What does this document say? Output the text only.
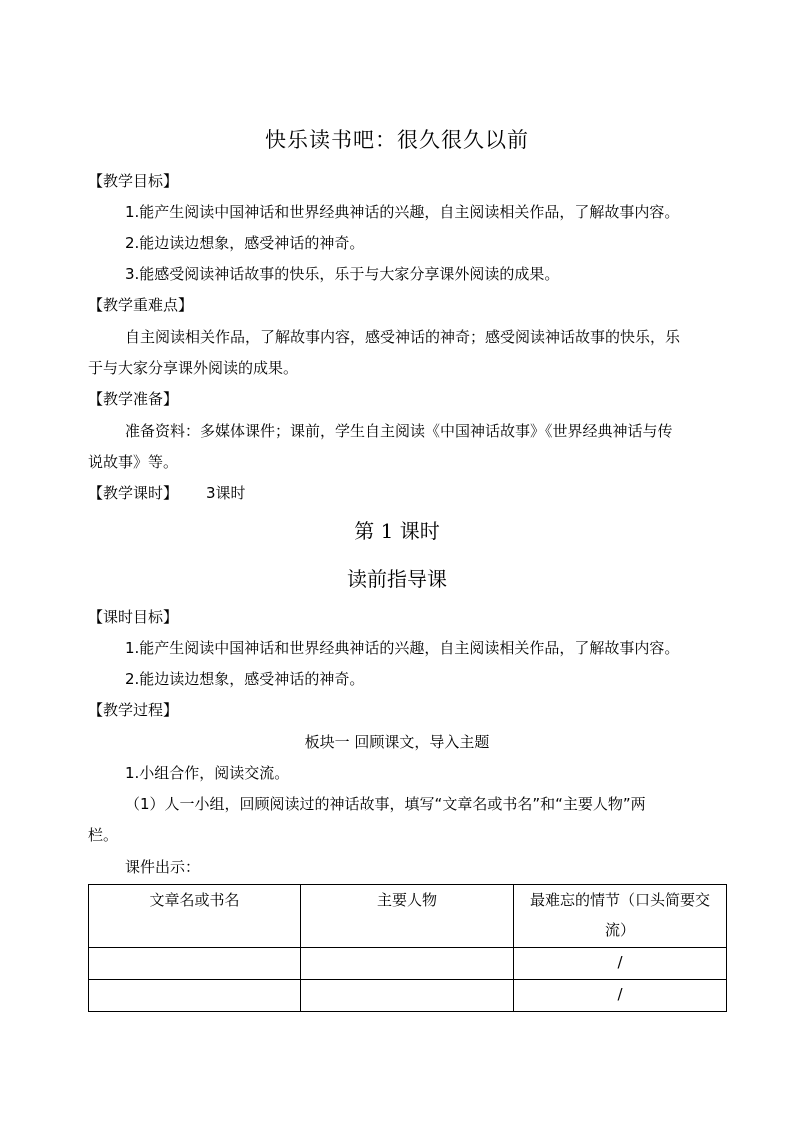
快乐读书吧：很久很久以前
【教学目标】
1.能产生阅读中国神话和世界经典神话的兴趣，自主阅读相关作品，了解故事内容。
2.能边读边想象，感受神话的神奇。
3.能感受阅读神话故事的快乐，乐于与大家分享课外阅读的成果。
【教学重难点】
自主阅读相关作品，了解故事内容，感受神话的神奇；感受阅读神话故事的快乐，乐
于与大家分享课外阅读的成果。
【教学准备】
准备资料：多媒体课件；课前，学生自主阅读《中国神话故事》《世界经典神话与传
说故事》等。
【教学课时】 3课时
第 1 课时
读前指导课
【课时目标】
1.能产生阅读中国神话和世界经典神话的兴趣，自主阅读相关作品，了解故事内容。
2.能边读边想象，感受神话的神奇。
【教学过程】
板块一 回顾课文，导入主题
1.小组合作，阅读交流。
（1）人一小组，回顾阅读过的神话故事，填写“文章名或书名”和“主要人物”两
栏。
课件出示：
文章名或书名	主要人物	最难忘的情节（口头简要交
流）
		/
		/
